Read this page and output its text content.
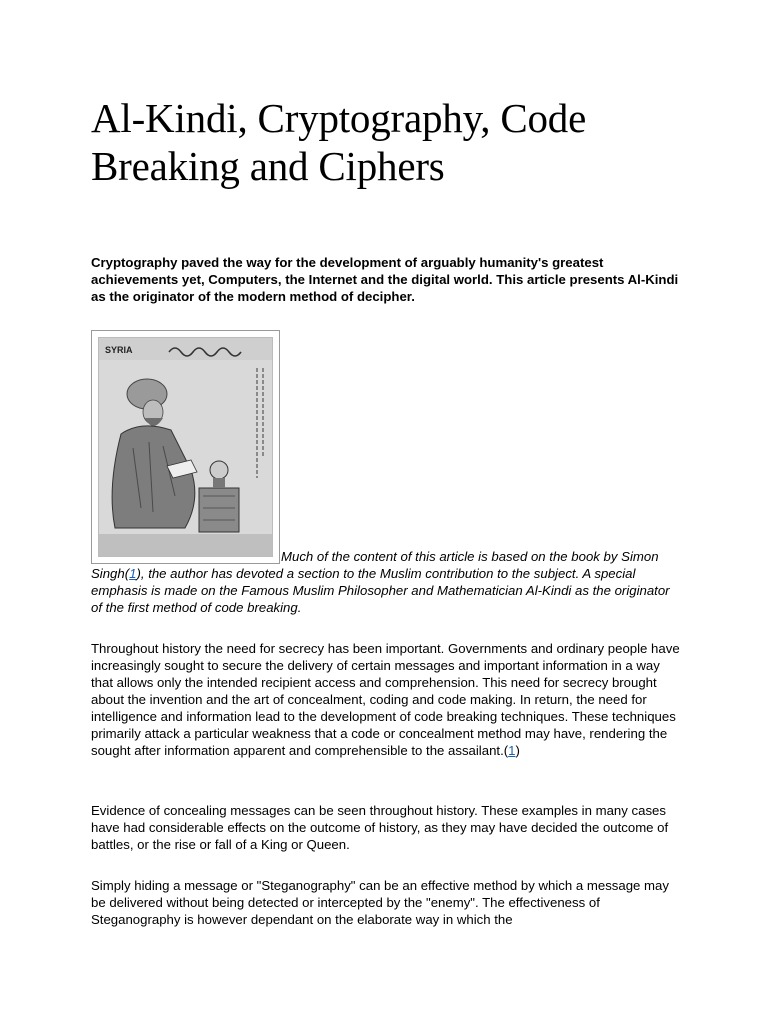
Al-Kindi, Cryptography, Code Breaking and Ciphers

Cryptography paved the way for the development of arguably humanity's greatest achievements yet, Computers, the Internet and the digital world. This article presents Al-Kindi as the originator of the modern method of decipher.

SYRIA

Much of the content of this article is based on the book by Simon Singh(1), the author has devoted a section to the Muslim contribution to the subject. A special emphasis is made on the Famous Muslim Philosopher and Mathematician Al-Kindi as the originator of the first method of code breaking.

Throughout history the need for secrecy has been important. Governments and ordinary people have increasingly sought to secure the delivery of certain messages and important information in a way that allows only the intended recipient access and comprehension. This need for secrecy brought about the invention and the art of concealment, coding and code making. In return, the need for intelligence and information lead to the development of code breaking techniques. These techniques primarily attack a particular weakness that a code or concealment method may have, rendering the sought after information apparent and comprehensible to the assailant.(1)

Evidence of concealing messages can be seen throughout history. These examples in many cases have had considerable effects on the outcome of history, as they may have decided the outcome of battles, or the rise or fall of a King or Queen.

Simply hiding a message or "Steganography" can be an effective method by which a message may be delivered without being detected or intercepted by the "enemy". The effectiveness of Steganography is however dependant on the elaborate way in which the
